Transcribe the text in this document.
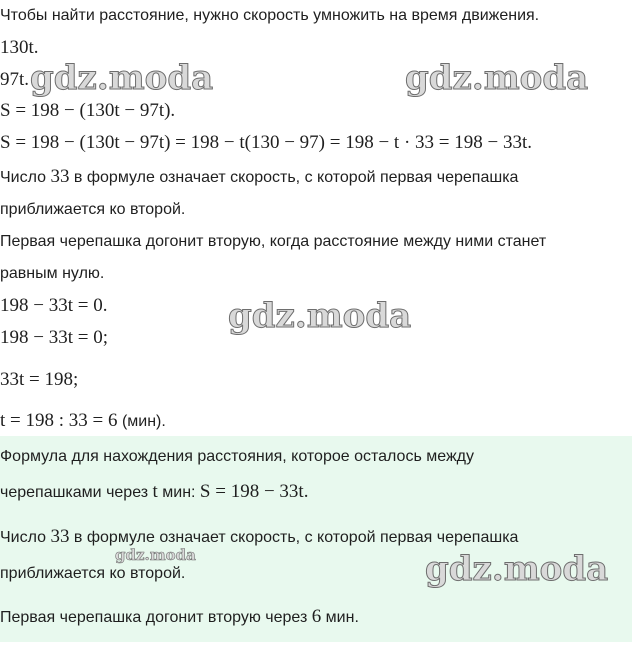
Чтобы найти расстояние, нужно скорость умножить на время движения.
130t.
97t.
S = 198 − (130t − 97t).
S = 198 − (130t − 97t) = 198 − t(130 − 97) = 198 − t · 33 = 198 − 33t.
Число 33 в формуле означает скорость, с которой первая черепашка
приближается ко второй.
Первая черепашка догонит вторую, когда расстояние между ними станет
равным нулю.
198 − 33t = 0.
198 − 33t = 0;
33t = 198;
t = 198 : 33 = 6 (мин).
Формула для нахождения расстояния, которое осталось между
черепашками через t мин: S = 198 − 33t.
Число 33 в формуле означает скорость, с которой первая черепашка
приближается ко второй.
Первая черепашка догонит вторую через 6 мин.
gdz.moda	gdz.moda
gdz.moda
gdz.moda	gdz.moda
